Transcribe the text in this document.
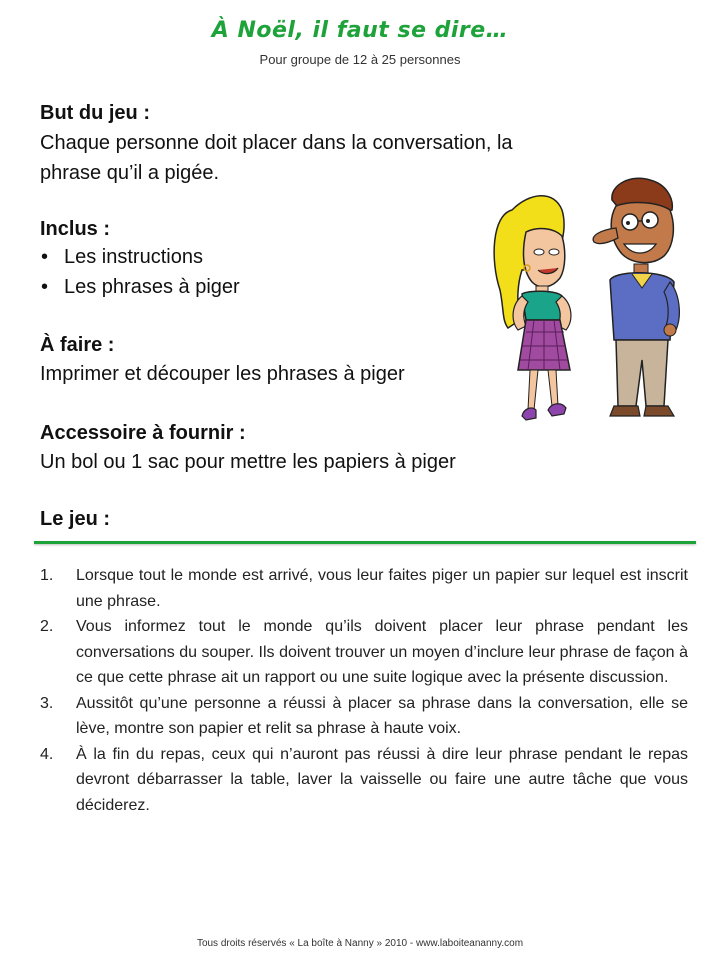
À Noël, il faut se dire…
Pour groupe de 12 à 25 personnes
But du jeu :
Chaque personne doit placer dans la conversation, la
phrase qu’il a pigée.
Inclus :
• Les instructions
• Les phrases à piger
À faire :
Imprimer et découper les phrases à piger
Accessoire à fournir :
Un bol ou 1 sac pour mettre les papiers à piger
Le jeu :
1.	Lorsque tout le monde est arrivé, vous leur faites piger un papier sur lequel est inscrit une phrase.
2.	Vous informez tout le monde qu’ils doivent placer leur phrase pendant les conversations du souper. Ils doivent trouver un moyen d’inclure leur phrase de façon à ce que cette phrase ait un rapport ou une suite logique avec la présente discussion.
3.	Aussitôt qu’une personne a réussi à placer sa phrase dans la conversation, elle se lève, montre son papier et relit sa phrase à haute voix.
4.	À la fin du repas, ceux qui n’auront pas réussi à dire leur phrase pendant le repas devront débarrasser la table, laver la vaisselle ou faire une autre tâche que vous déciderez.
Tous droits réservés « La boîte à Nanny » 2010 - www.laboiteananny.com
